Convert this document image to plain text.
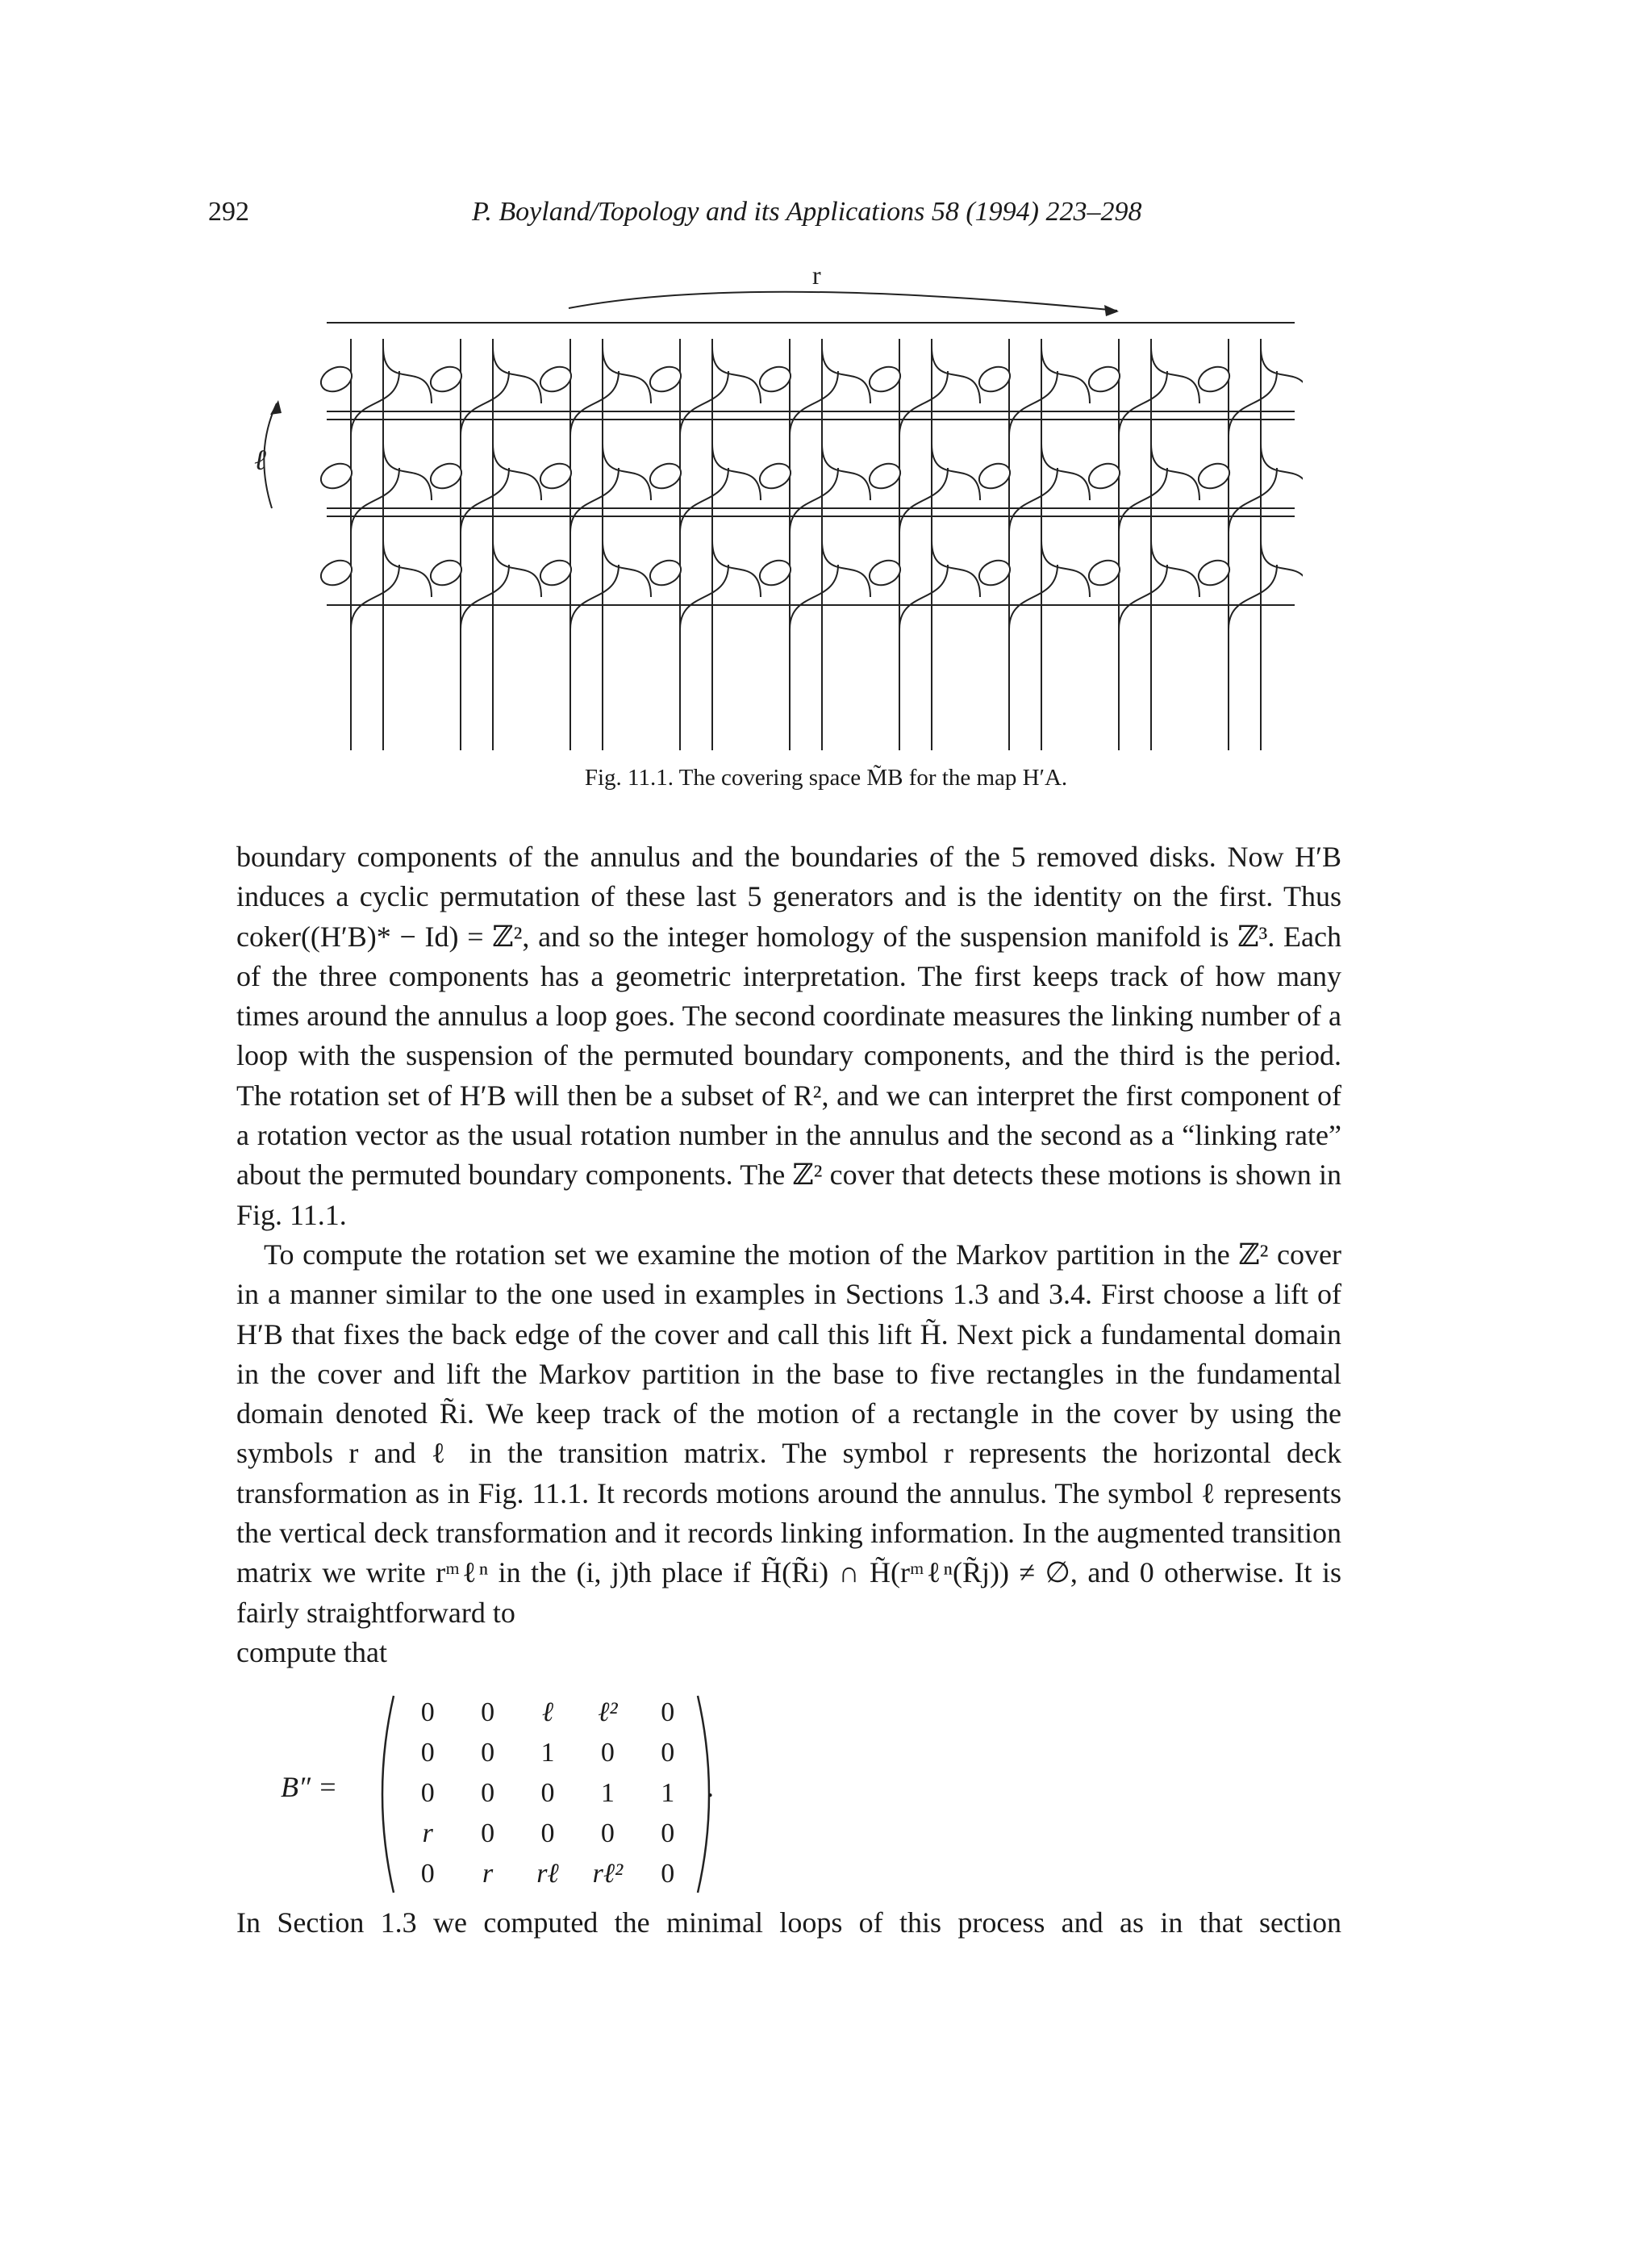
292	P. Boyland/Topology and its Applications 58 (1994) 223–298
r
ℓ
Fig. 11.1. The covering space M̃B for the map H′A.

boundary components of the annulus and the boundaries of the 5 removed disks. Now H′B induces a cyclic permutation of these last 5 generators and is the identity on the first. Thus coker((H′B)* − Id) = ℤ², and so the integer homology of the suspension manifold is ℤ³. Each of the three components has a geometric interpretation. The first keeps track of how many times around the annulus a loop goes. The second coordinate measures the linking number of a loop with the suspension of the permuted boundary components, and the third is the period. The rotation set of H′B will then be a subset of R², and we can interpret the first component of a rotation vector as the usual rotation number in the annulus and the second as a “linking rate” about the permuted boundary components. The ℤ² cover that detects these motions is shown in Fig. 11.1.

To compute the rotation set we examine the motion of the Markov partition in the ℤ² cover in a manner similar to the one used in examples in Sections 1.3 and 3.4. First choose a lift of H′B that fixes the back edge of the cover and call this lift H̃. Next pick a fundamental domain in the cover and lift the Markov partition in the base to five rectangles in the fundamental domain denoted R̃i. We keep track of the motion of a rectangle in the cover by using the symbols r and ℓ in the transition matrix. The symbol r represents the horizontal deck transformation as in Fig. 11.1. It records motions around the annulus. The symbol ℓ represents the vertical deck transformation and it records linking information. In the augmented transition matrix we write rᵐℓⁿ in the (i, j)th place if H̃(R̃i) ∩ H̃(rᵐℓⁿ(R̃j)) ≠ ∅, and 0 otherwise. It is fairly straightforward to

compute that

B″ =
0	0	ℓ	ℓ²	0
0	0	1	0	0
0	0	0	1	1
r	0	0	0	0
0	r	rℓ	rℓ²	0
.
In Section 1.3 we computed the minimal loops of this process and as in that section
